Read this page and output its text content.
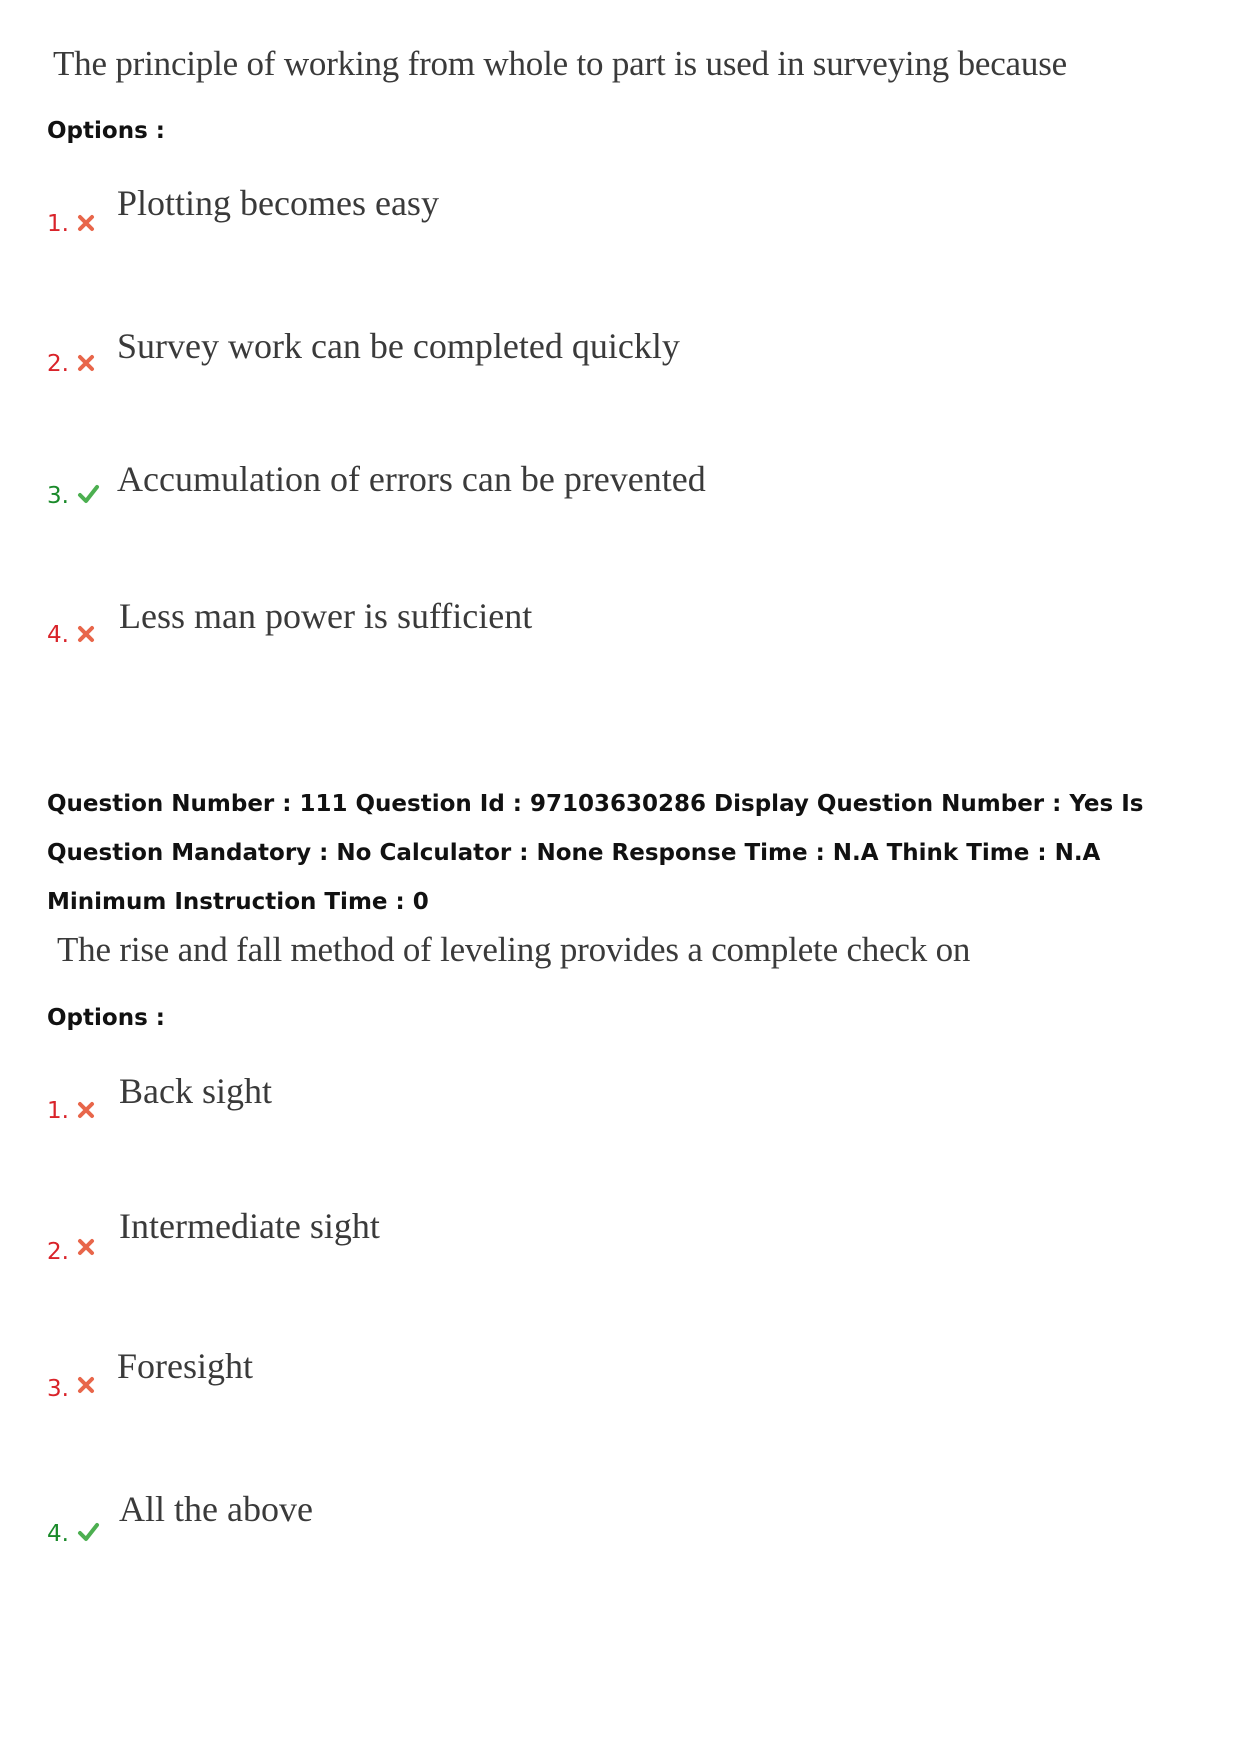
The principle of working from whole to part is used in surveying because
Options :
1.
Plotting becomes easy
2. Survey work can be completed quickly
3. Accumulation of errors can be prevented
4. Less man power is sufficient
Question Number : 111 Question Id : 97103630286 Display Question Number : Yes Is Question Mandatory : No Calculator : None Response Time : N.A Think Time : N.A Minimum Instruction Time : 0
The rise and fall method of leveling provides a complete check on
Options :
1. Back sight
2.
Intermediate sight
3.
Foresight
4.
All the above
